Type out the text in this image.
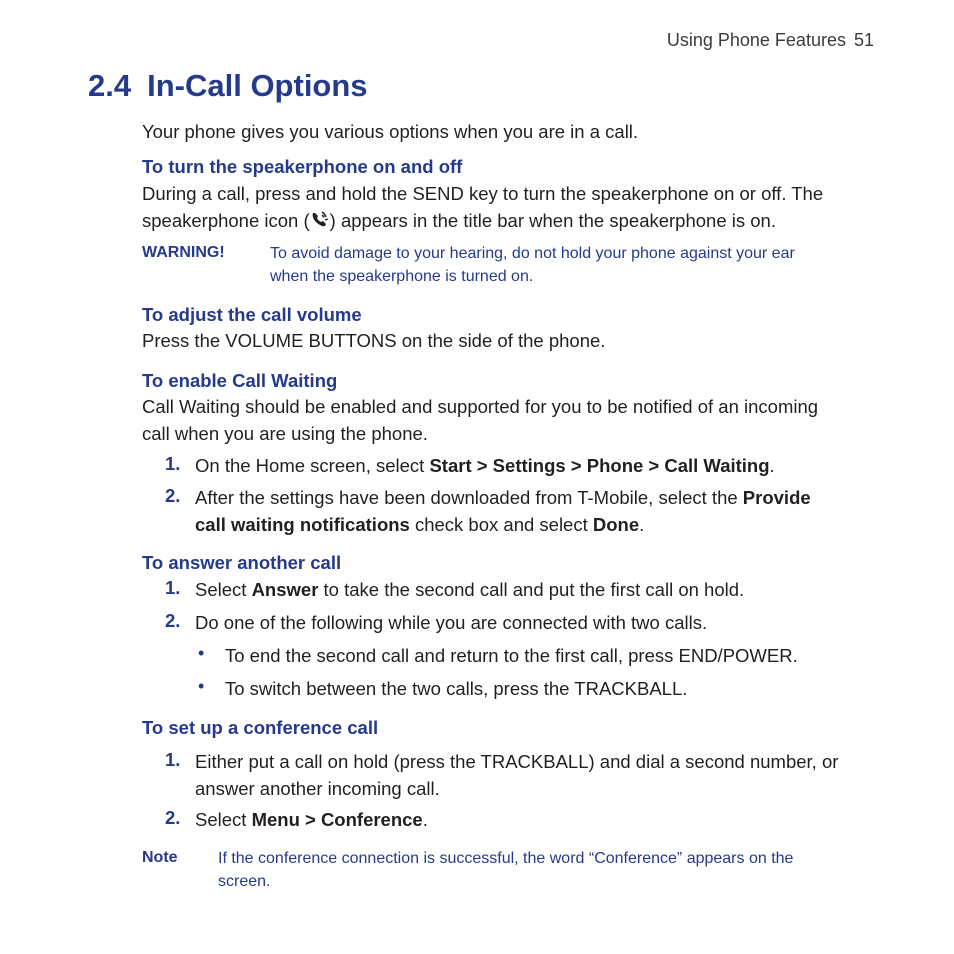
Using Phone Features 51
2.4 In-Call Options
Your phone gives you various options when you are in a call.
To turn the speakerphone on and off
During a call, press and hold the SEND key to turn the speakerphone on or off. The
speakerphone icon ( ) appears in the title bar when the speakerphone is on.
WARNING!	To avoid damage to your hearing, do not hold your phone against your ear
when the speakerphone is turned on.
To adjust the call volume
Press the VOLUME BUTTONS on the side of the phone.
To enable Call Waiting
Call Waiting should be enabled and supported for you to be notified of an incoming
call when you are using the phone.
1. On the Home screen, select Start > Settings > Phone > Call Waiting.
2. After the settings have been downloaded from T-Mobile, select the Provide
call waiting notifications check box and select Done.
To answer another call
1. Select Answer to take the second call and put the first call on hold.
2. Do one of the following while you are connected with two calls.
• To end the second call and return to the first call, press END/POWER.
• To switch between the two calls, press the TRACKBALL.
To set up a conference call
1. Either put a call on hold (press the TRACKBALL) and dial a second number, or
answer another incoming call.
2. Select Menu > Conference.
Note	If the conference connection is successful, the word “Conference” appears on the
screen.
